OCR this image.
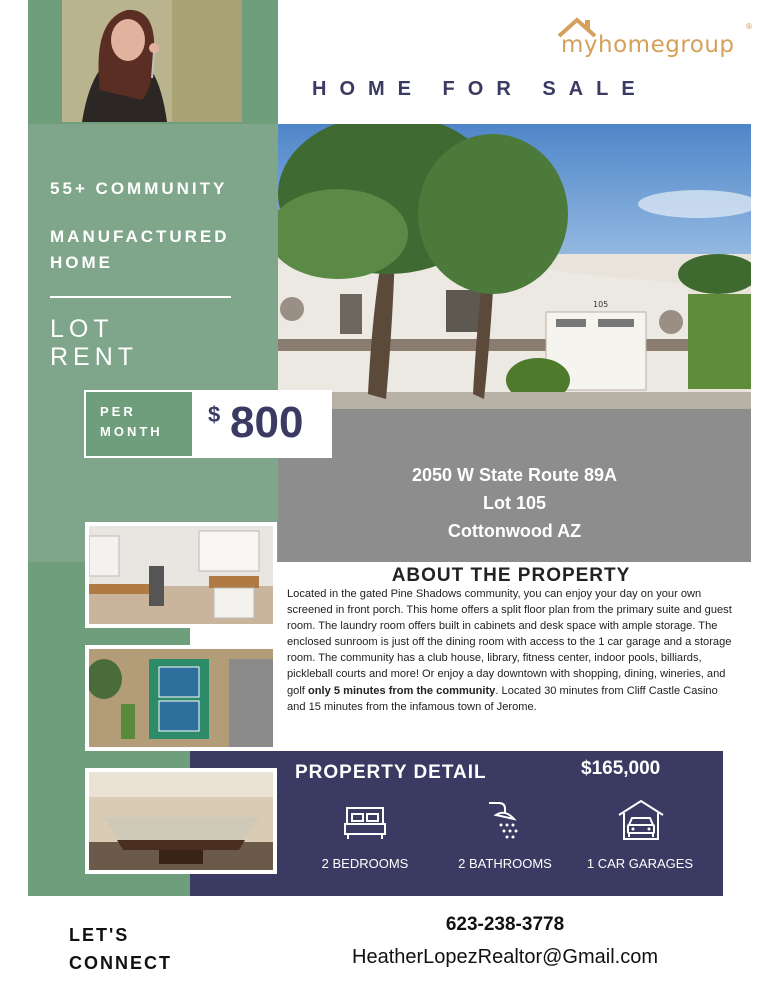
myhomegroup
®
HOME FOR SALE
105
55+ COMMUNITY
MANUFACTURED
HOME
LOT
RENT
PER
MONTH
$ 800
2050 W State Route 89A
Lot 105
Cottonwood AZ
ABOUT THE PROPERTY
Located in the gated Pine Shadows community, you can enjoy your day on your own screened in front porch. This home offers a split floor plan from the primary suite and guest room. The laundry room offers built in cabinets and desk space with ample storage. The enclosed sunroom is just off the dining room with access to the 1 car garage and a storage room. The community has a club house, library, fitness center, indoor pools, billiards, pickleball courts and more! Or enjoy a day downtown with shopping, dining, wineries, and golf only 5 minutes from the community. Located 30 minutes from Cliff Castle Casino and 15 minutes from the infamous town of Jerome.
PROPERTY DETAIL	$165,000
2 BEDROOMS	2 BATHROOMS	1 CAR GARAGES
LET'S
CONNECT
623-238-3778
HeatherLopezRealtor@Gmail.com
